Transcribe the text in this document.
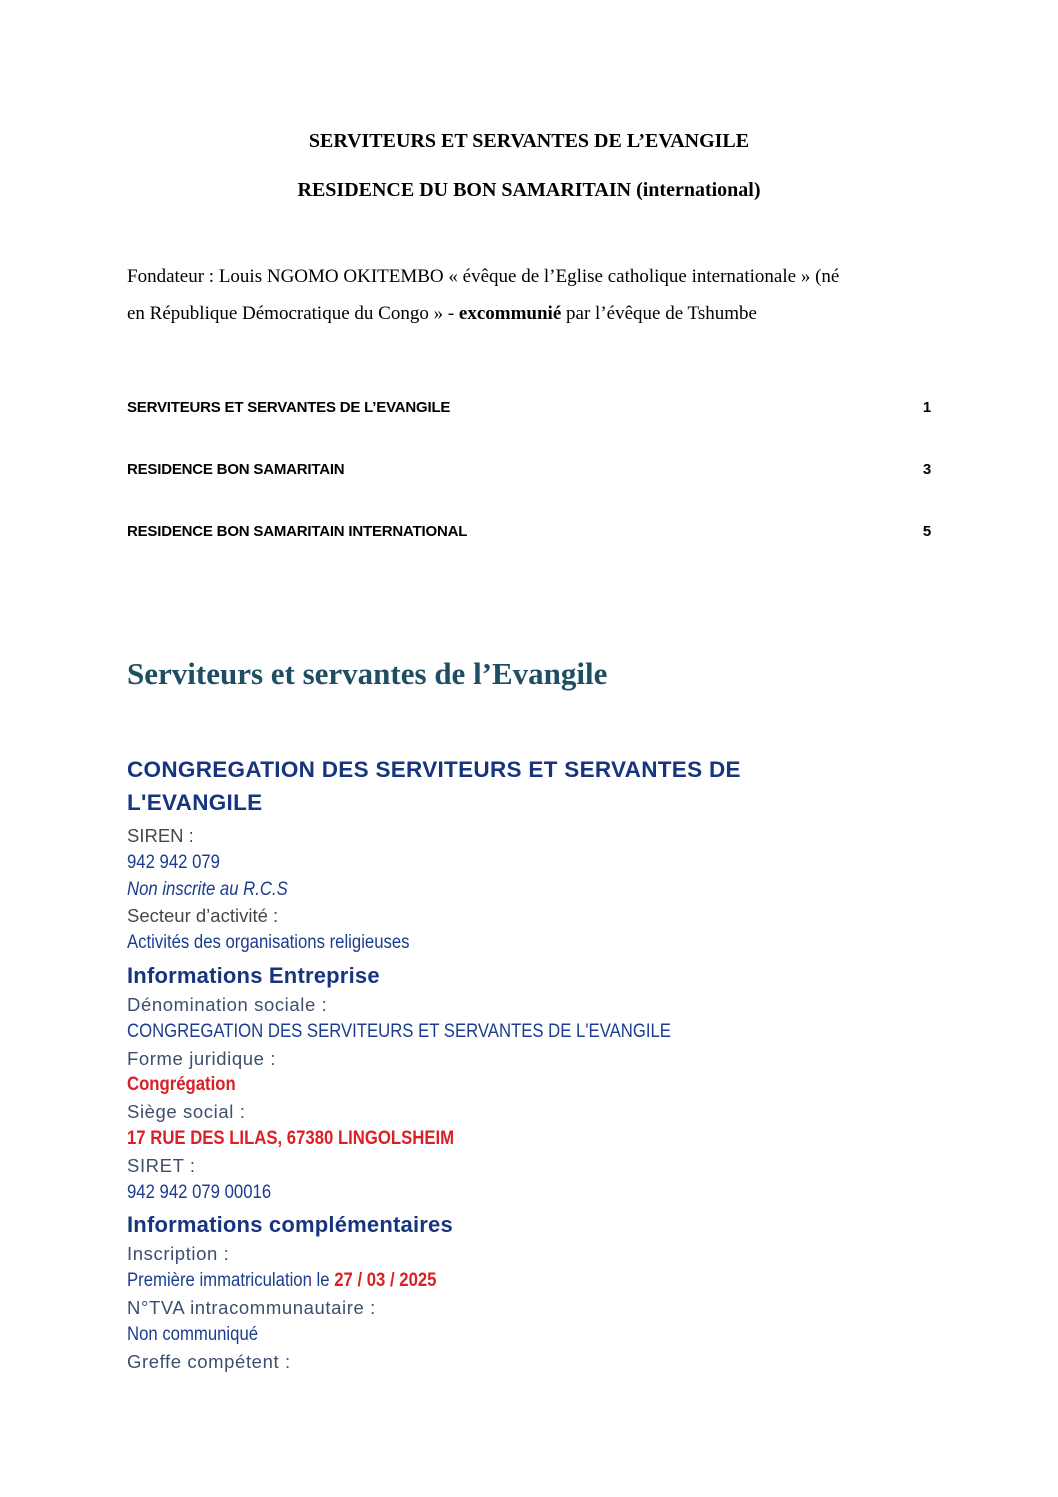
SERVITEURS ET SERVANTES DE L’EVANGILE
RESIDENCE DU BON SAMARITAIN (international)

Fondateur : Louis NGOMO OKITEMBO « évêque de l’Eglise catholique internationale » (né
en République Démocratique du Congo » - excommunié par l’évêque de Tshumbe

SERVITEURS ET SERVANTES DE L’EVANGILE	1
RESIDENCE BON SAMARITAIN	3
RESIDENCE BON SAMARITAIN INTERNATIONAL	5
Serviteurs et servantes de l’Evangile
CONGREGATION DES SERVITEURS ET SERVANTES DE L'EVANGILE
SIREN :
942 942 079
Non inscrite au R.C.S
Secteur d’activité :
Activités des organisations religieuses
Informations Entreprise
Dénomination sociale :
CONGREGATION DES SERVITEURS ET SERVANTES DE L'EVANGILE
Forme juridique :
Congrégation
Siège social :
17 RUE DES LILAS, 67380 LINGOLSHEIM
SIRET :
942 942 079 00016
Informations complémentaires
Inscription :
Première immatriculation le 27 / 03 / 2025
N°TVA intracommunautaire :
Non communiqué
Greffe compétent :
